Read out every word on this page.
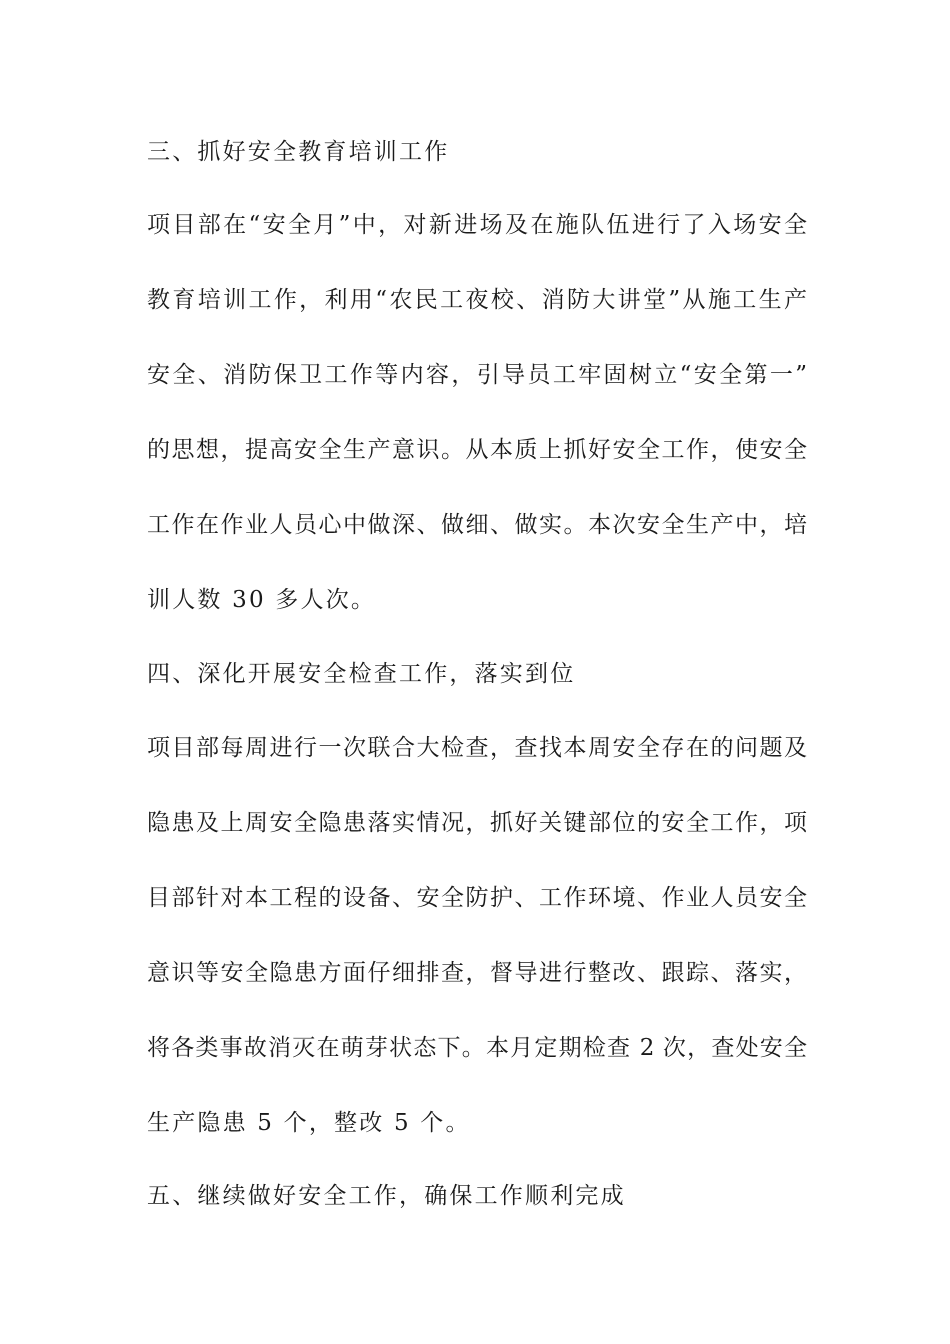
三、抓好安全教育培训工作
项目部在“安全月”中，对新进场及在施队伍进行了入场安全
教育培训工作，利用“农民工夜校、消防大讲堂”从施工生产
安全、消防保卫工作等内容，引导员工牢固树立“安全第一”
的思想，提高安全生产意识。从本质上抓好安全工作，使安全
工作在作业人员心中做深、做细、做实。本次安全生产中，培
训人数 30 多人次。
四、深化开展安全检查工作，落实到位
项目部每周进行一次联合大检查，查找本周安全存在的问题及
隐患及上周安全隐患落实情况，抓好关键部位的安全工作，项
目部针对本工程的设备、安全防护、工作环境、作业人员安全
意识等安全隐患方面仔细排查，督导进行整改、跟踪、落实，
将各类事故消灭在萌芽状态下。本月定期检查 2 次，查处安全
生产隐患 5 个，整改 5 个。
五、继续做好安全工作，确保工作顺利完成
